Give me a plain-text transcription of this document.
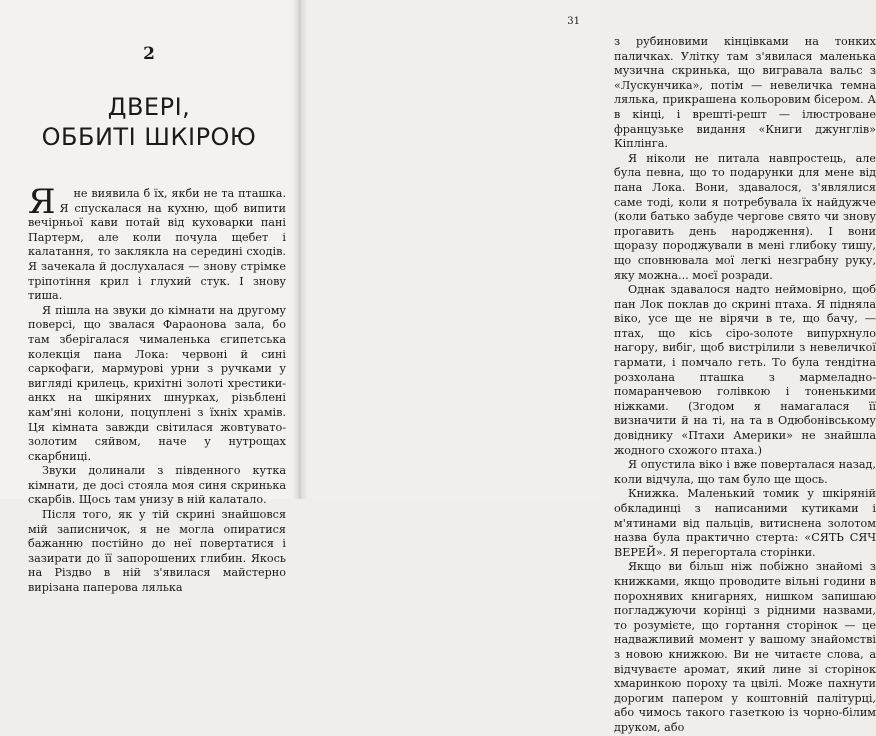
2
ДВЕРІ,
ОББИТІ ШКІРОЮ

Я не виявила б їх, якби не та пташка. Я спускалася на кухню, щоб випити вечірньої кави потай від куховарки пані Партерм, але коли почула щебет і калатання, то заклякла на середині сходів. Я зачекала й дослухалася — знову стрімке тріпотіння крил і глухий стук. І знову тиша.

Я пішла на звуки до кімнати на другому поверсі, що звалася Фараонова зала, бо там зберігалася чималенька єгипетська колекція пана Лока: червоні й сині саркофаги, мармурові урни з ручками у вигляді крилець, крихітні золоті хрестики-анкх на шкіряних шнурках, різьблені кам'яні колони, поцуплені з їхніх храмів. Ця кімната завжди світилася жовтувато-золотим сяйвом, наче у нутрощах скарбниці.

Звуки долинали з південного кутка кімнати, де досі стояла моя синя скринька скарбів. Щось там унизу в ній калатало.

Після того, як у тій скрині знайшовся мій записничок, я не могла опиратися бажанню постійно до неї повертатися і зазирати до її запорошених глибин. Якось на Різдво в ній з'явилася майстерно вирізана паперова лялька

з рубиновими кінцівками на тонких паличках. Улітку там з'явилася маленька музична скринька, що вигравала вальс з «Лускунчика», потім — невеличка темна лялька, прикрашена кольоровим бісером. А в кінці, і врешті-решт — ілюстроване французьке видання «Книги джунглів» Кіплінга.

Я ніколи не питала навпростець, але була певна, що то подарунки для мене від пана Лока. Вони, здавалося, з'являлися саме тоді, коли я потребувала їх найдужче (коли батько забуде чергове свято чи знову прогавить день народження). І вони щоразу породжували в мені глибоку тишу, що сповнювала мої легкі незграбну руку, яку можна... моєї розради.

Однак здавалося надто неймовірно, щоб пан Лок поклав до скрині птаха. Я підняла віко, усе ще не вірячи в те, що бачу, — птах, що кісь сіро-золоте випурхнуло нагору, вибіг, щоб вистрілили з невеличкої гармати, і помчало геть. То була тендітна розхолана пташка з мармеладно-помаранчевою голівкою і тоненькими ніжками. (Згодом я намагалася її визначити й на ті, на та в Одюбонівському довіднику «Птахи Америки» не знайшла жодного схожого птаха.)

Я опустила віко і вже поверталася назад, коли відчула, що там було ще щось.

Книжка. Маленький томик у шкіряній обкладинці з написаними кутиками і м'ятинами від пальців, витиснена золотом назва була практично стерта: «СЯТЬ СЯЧ ВЕРЕЙ». Я перегортала сторінки.

Якщо ви більш ніж побіжно знайомі з книжками, якщо проводите вільні години в порохнявих книгарнях, нишком запишаю погладжуючи корінці з рідними назвами, то розумієте, що гортання сторінок — це надважливий момент у вашому знайомстві з новою книжкою. Ви не читаєте слова, а відчуваєте аромат, який лине зі сторінок хмаринкою пороху та цвілі. Може пахнути дорогим папером у коштовній палітурці, або чимось такого газеткою із чорно-білим друком, або

31
